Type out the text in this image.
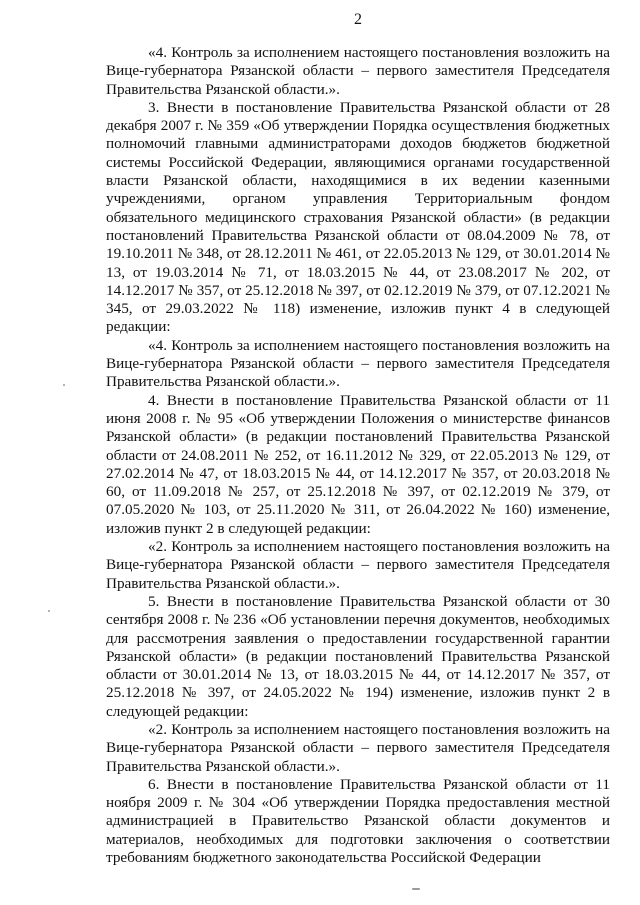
2

«4. Контроль за исполнением настоящего постановления возложить на Вице-губернатора Рязанской области – первого заместителя Председателя Правительства Рязанской области.».

3. Внести в постановление Правительства Рязанской области от 28 декабря 2007 г. № 359 «Об утверждении Порядка осуществления бюджетных полномочий главными администраторами доходов бюджетов бюджетной системы Российской Федерации, являющимися органами государственной власти Рязанской области, находящимися в их ведении казенными учреждениями, органом управления Территориальным фондом обязательного медицинского страхования Рязанской области» (в редакции постановлений Правительства Рязанской области от 08.04.2009 № 78, от 19.10.2011 № 348, от 28.12.2011 № 461, от 22.05.2013 № 129, от 30.01.2014 № 13, от 19.03.2014 № 71, от 18.03.2015 № 44, от 23.08.2017 № 202, от 14.12.2017 № 357, от 25.12.2018 № 397, от 02.12.2019 № 379, от 07.12.2021 № 345, от 29.03.2022 № 118) изменение, изложив пункт 4 в следующей редакции:

«4. Контроль за исполнением настоящего постановления возложить на Вице-губернатора Рязанской области – первого заместителя Председателя Правительства Рязанской области.».

4. Внести в постановление Правительства Рязанской области от 11 июня 2008 г. № 95 «Об утверждении Положения о министерстве финансов Рязанской области» (в редакции постановлений Правительства Рязанской области от 24.08.2011 № 252, от 16.11.2012 № 329, от 22.05.2013 № 129, от 27.02.2014 № 47, от 18.03.2015 № 44, от 14.12.2017 № 357, от 20.03.2018 № 60, от 11.09.2018 № 257, от 25.12.2018 № 397, от 02.12.2019 № 379, от 07.05.2020 № 103, от 25.11.2020 № 311, от 26.04.2022 № 160) изменение, изложив пункт 2 в следующей редакции:

«2. Контроль за исполнением настоящего постановления возложить на Вице-губернатора Рязанской области – первого заместителя Председателя Правительства Рязанской области.».

5. Внести в постановление Правительства Рязанской области от 30 сентября 2008 г. № 236 «Об установлении перечня документов, необходимых для рассмотрения заявления о предоставлении государственной гарантии Рязанской области» (в редакции постановлений Правительства Рязанской области от 30.01.2014 № 13, от 18.03.2015 № 44, от 14.12.2017 № 357, от 25.12.2018 № 397, от 24.05.2022 № 194) изменение, изложив пункт 2 в следующей редакции:

«2. Контроль за исполнением настоящего постановления возложить на Вице-губернатора Рязанской области – первого заместителя Председателя Правительства Рязанской области.».

6. Внести в постановление Правительства Рязанской области от 11 ноября 2009 г. № 304 «Об утверждении Порядка предоставления местной администрацией в Правительство Рязанской области документов и материалов, необходимых для подготовки заключения о соответствии требованиям бюджетного законодательства Российской Федерации
